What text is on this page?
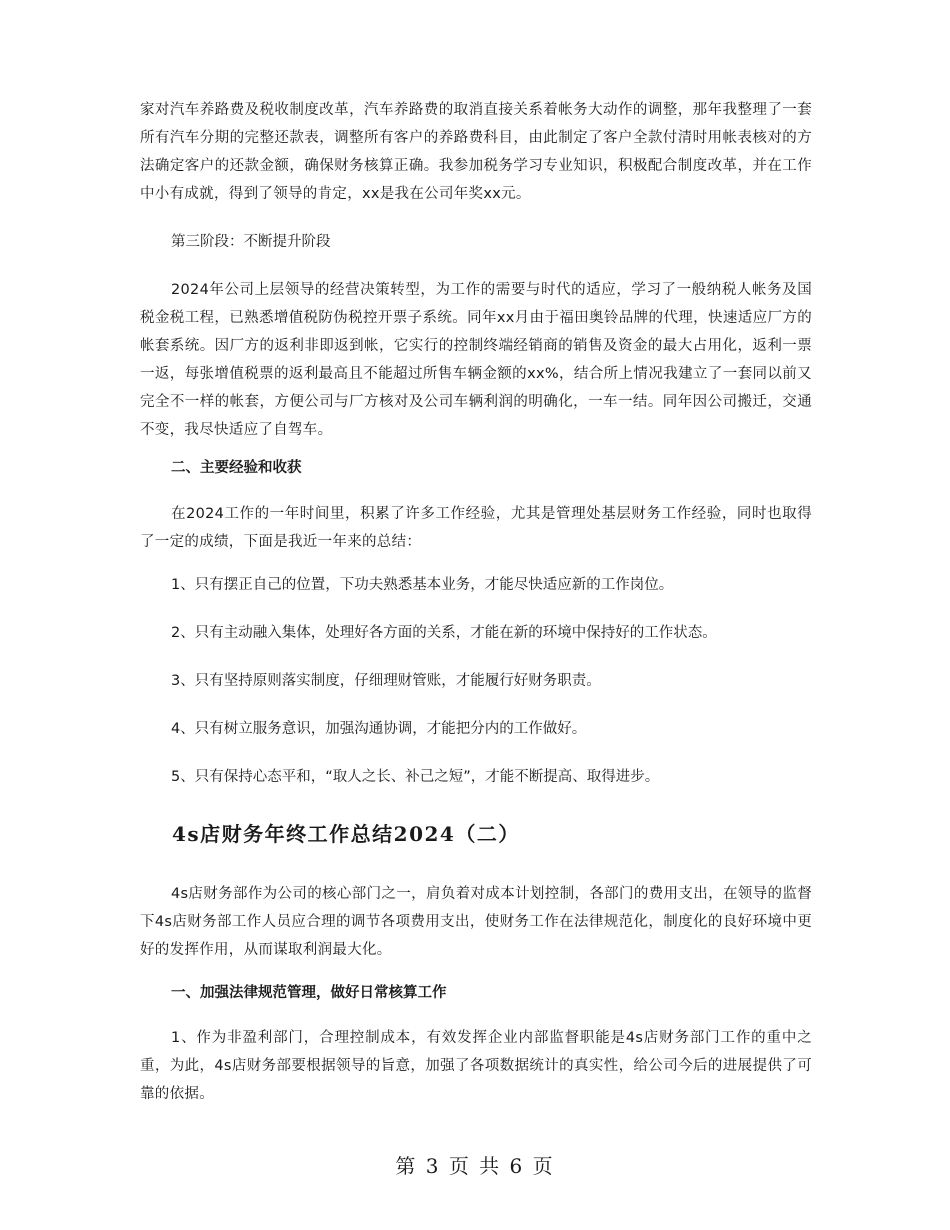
家对汽车养路费及税收制度改革，汽车养路费的取消直接关系着帐务大动作的调整，那年我整理了一套所有汽车分期的完整还款表，调整所有客户的养路费科目，由此制定了客户全款付清时用帐表核对的方法确定客户的还款金额，确保财务核算正确。我参加税务学习专业知识，积极配合制度改革，并在工作中小有成就，得到了领导的肯定，xx是我在公司年奖xx元。

第三阶段：不断提升阶段

2024年公司上层领导的经营决策转型，为工作的需要与时代的适应，学习了一般纳税人帐务及国税金税工程，已熟悉增值税防伪税控开票子系统。同年xx月由于福田奥铃品牌的代理，快速适应厂方的帐套系统。因厂方的返利非即返到帐，它实行的控制终端经销商的销售及资金的最大占用化，返利一票一返，每张增值税票的返利最高且不能超过所售车辆金额的xx%，结合所上情况我建立了一套同以前又完全不一样的帐套，方便公司与厂方核对及公司车辆利润的明确化，一车一结。同年因公司搬迁，交通不变，我尽快适应了自驾车。

二、主要经验和收获

在2024工作的一年时间里，积累了许多工作经验，尤其是管理处基层财务工作经验，同时也取得了一定的成绩，下面是我近一年来的总结：

1、只有摆正自己的位置，下功夫熟悉基本业务，才能尽快适应新的工作岗位。

2、只有主动融入集体，处理好各方面的关系，才能在新的环境中保持好的工作状态。

3、只有坚持原则落实制度，仔细理财管账，才能履行好财务职责。

4、只有树立服务意识，加强沟通协调，才能把分内的工作做好。

5、只有保持心态平和，“取人之长、补己之短”，才能不断提高、取得进步。

4s店财务年终工作总结2024（二）

4s店财务部作为公司的核心部门之一，肩负着对成本计划控制，各部门的费用支出，在领导的监督下4s店财务部工作人员应合理的调节各项费用支出，使财务工作在法律规范化，制度化的良好环境中更好的发挥作用，从而谋取利润最大化。

一、加强法律规范管理，做好日常核算工作

1、作为非盈利部门，合理控制成本，有效发挥企业内部监督职能是4s店财务部门工作的重中之重，为此，4s店财务部要根据领导的旨意，加强了各项数据统计的真实性，给公司今后的进展提供了可靠的依据。

第 3 页 共 6 页
